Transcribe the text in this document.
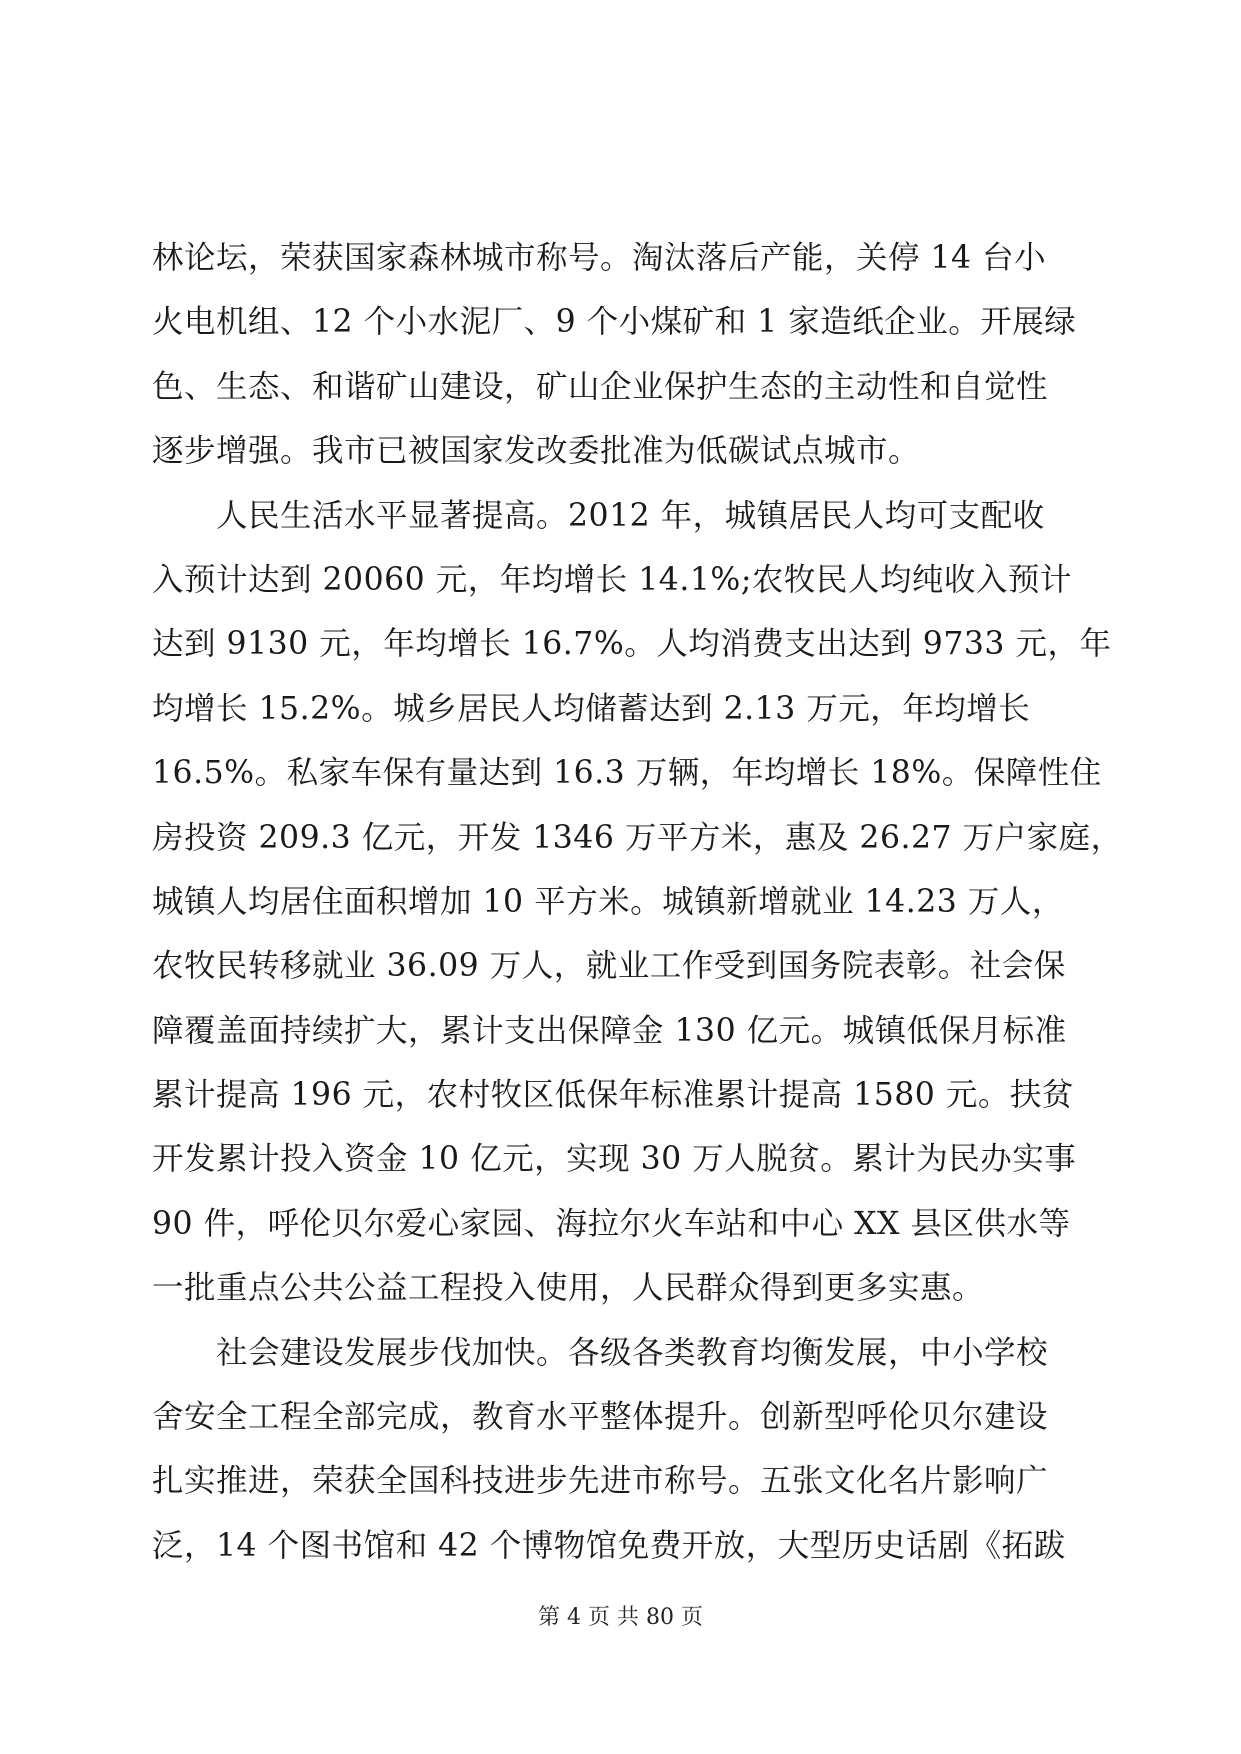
林论坛，荣获国家森林城市称号。淘汰落后产能，关停 14 台小
火电机组、12 个小水泥厂、9 个小煤矿和 1 家造纸企业。开展绿
色、生态、和谐矿山建设，矿山企业保护生态的主动性和自觉性
逐步增强。我市已被国家发改委批准为低碳试点城市。
　　人民生活水平显著提高。2012 年，城镇居民人均可支配收
入预计达到 20060 元，年均增长 14.1%;农牧民人均纯收入预计
达到 9130 元，年均增长 16.7%。人均消费支出达到 9733 元，年
均增长 15.2%。城乡居民人均储蓄达到 2.13 万元，年均增长
16.5%。私家车保有量达到 16.3 万辆，年均增长 18%。保障性住
房投资 209.3 亿元，开发 1346 万平方米，惠及 26.27 万户家庭，
城镇人均居住面积增加 10 平方米。城镇新增就业 14.23 万人，
农牧民转移就业 36.09 万人，就业工作受到国务院表彰。社会保
障覆盖面持续扩大，累计支出保障金 130 亿元。城镇低保月标准
累计提高 196 元，农村牧区低保年标准累计提高 1580 元。扶贫
开发累计投入资金 10 亿元，实现 30 万人脱贫。累计为民办实事
90 件，呼伦贝尔爱心家园、海拉尔火车站和中心 XX 县区供水等
一批重点公共公益工程投入使用，人民群众得到更多实惠。
　　社会建设发展步伐加快。各级各类教育均衡发展，中小学校
舍安全工程全部完成，教育水平整体提升。创新型呼伦贝尔建设
扎实推进，荣获全国科技进步先进市称号。五张文化名片影响广
泛，14 个图书馆和 42 个博物馆免费开放，大型历史话剧《拓跋
第 4 页 共 80 页
